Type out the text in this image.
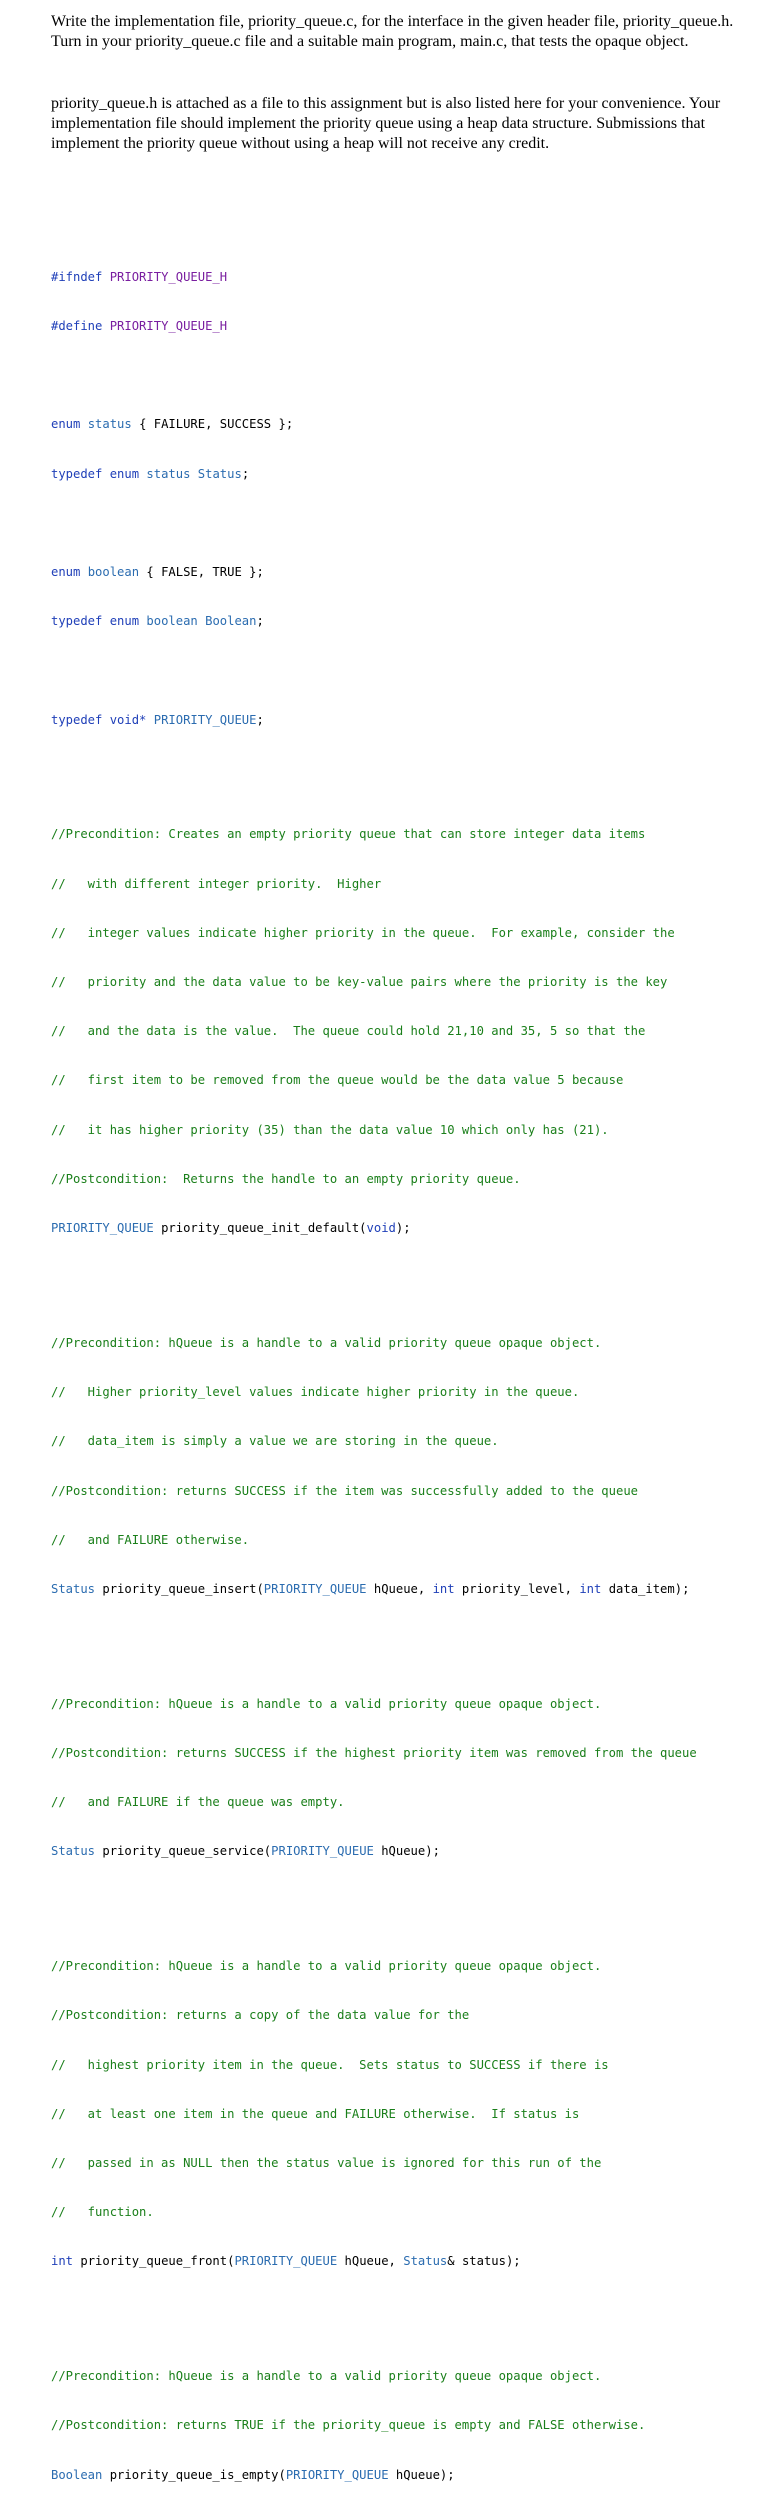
Write the implementation file, priority_queue.c, for the interface in the given header file, priority_queue.h. Turn in your priority_queue.c file and a suitable main program, main.c, that tests the opaque object.

priority_queue.h is attached as a file to this assignment but is also listed here for your convenience. Your implementation file should implement the priority queue using a heap data structure. Submissions that implement the priority queue without using a heap will not receive any credit.

#ifndef PRIORITY_QUEUE_H

#define PRIORITY_QUEUE_H

enum status { FAILURE, SUCCESS };

typedef enum status Status;

enum boolean { FALSE, TRUE };

typedef enum boolean Boolean;

typedef void* PRIORITY_QUEUE;

//Precondition: Creates an empty priority queue that can store integer data items

//   with different integer priority.  Higher

//   integer values indicate higher priority in the queue.  For example, consider the

//   priority and the data value to be key-value pairs where the priority is the key

//   and the data is the value.  The queue could hold 21,10 and 35, 5 so that the

//   first item to be removed from the queue would be the data value 5 because

//   it has higher priority (35) than the data value 10 which only has (21).

//Postcondition:  Returns the handle to an empty priority queue.

PRIORITY_QUEUE priority_queue_init_default(void);

//Precondition: hQueue is a handle to a valid priority queue opaque object.

//   Higher priority_level values indicate higher priority in the queue.

//   data_item is simply a value we are storing in the queue.

//Postcondition: returns SUCCESS if the item was successfully added to the queue

//   and FAILURE otherwise.

Status priority_queue_insert(PRIORITY_QUEUE hQueue, int priority_level, int data_item);

//Precondition: hQueue is a handle to a valid priority queue opaque object.

//Postcondition: returns SUCCESS if the highest priority item was removed from the queue

//   and FAILURE if the queue was empty.

Status priority_queue_service(PRIORITY_QUEUE hQueue);

//Precondition: hQueue is a handle to a valid priority queue opaque object.

//Postcondition: returns a copy of the data value for the

//   highest priority item in the queue.  Sets status to SUCCESS if there is

//   at least one item in the queue and FAILURE otherwise.  If status is

//   passed in as NULL then the status value is ignored for this run of the

//   function.

int priority_queue_front(PRIORITY_QUEUE hQueue, Status& status);

//Precondition: hQueue is a handle to a valid priority queue opaque object.

//Postcondition: returns TRUE if the priority_queue is empty and FALSE otherwise.

Boolean priority_queue_is_empty(PRIORITY_QUEUE hQueue);
